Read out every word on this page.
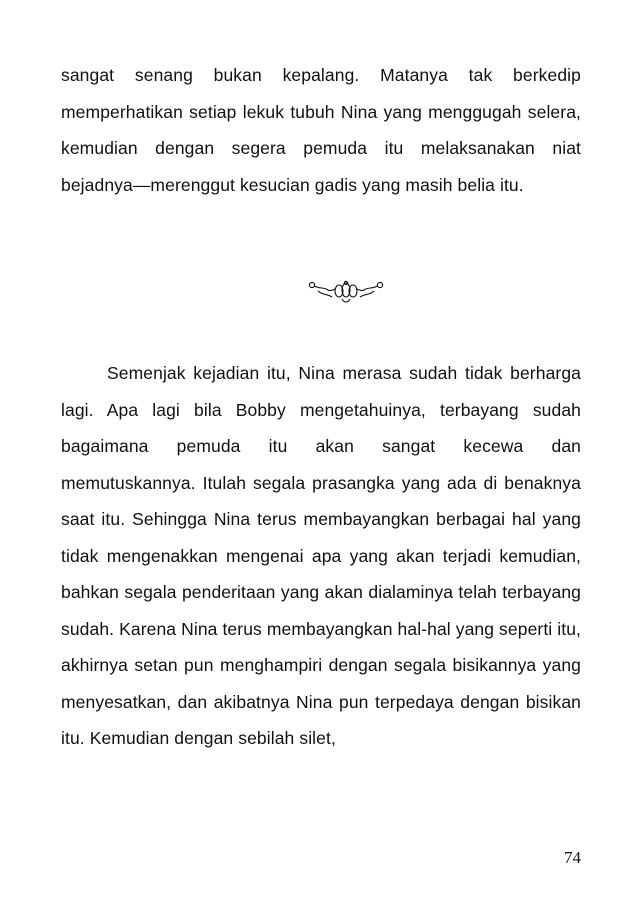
sangat senang bukan kepalang. Matanya tak berkedip memperhatikan setiap lekuk tubuh Nina yang menggugah selera, kemudian dengan segera pemuda itu melaksanakan niat bejadnya—merenggut kesucian gadis yang masih belia itu.

Semenjak kejadian itu, Nina merasa sudah tidak berharga lagi. Apa lagi bila Bobby mengetahuinya, terbayang sudah bagaimana pemuda itu akan sangat kecewa dan memutuskannya. Itulah segala prasangka yang ada di benaknya saat itu. Sehingga Nina terus membayangkan berbagai hal yang tidak mengenakkan mengenai apa yang akan terjadi kemudian, bahkan segala penderitaan yang akan dialaminya telah terbayang sudah. Karena Nina terus membayangkan hal-hal yang seperti itu, akhirnya setan pun menghampiri dengan segala bisikannya yang menyesatkan, dan akibatnya Nina pun terpedaya dengan bisikan itu. Kemudian dengan sebilah silet,

74
